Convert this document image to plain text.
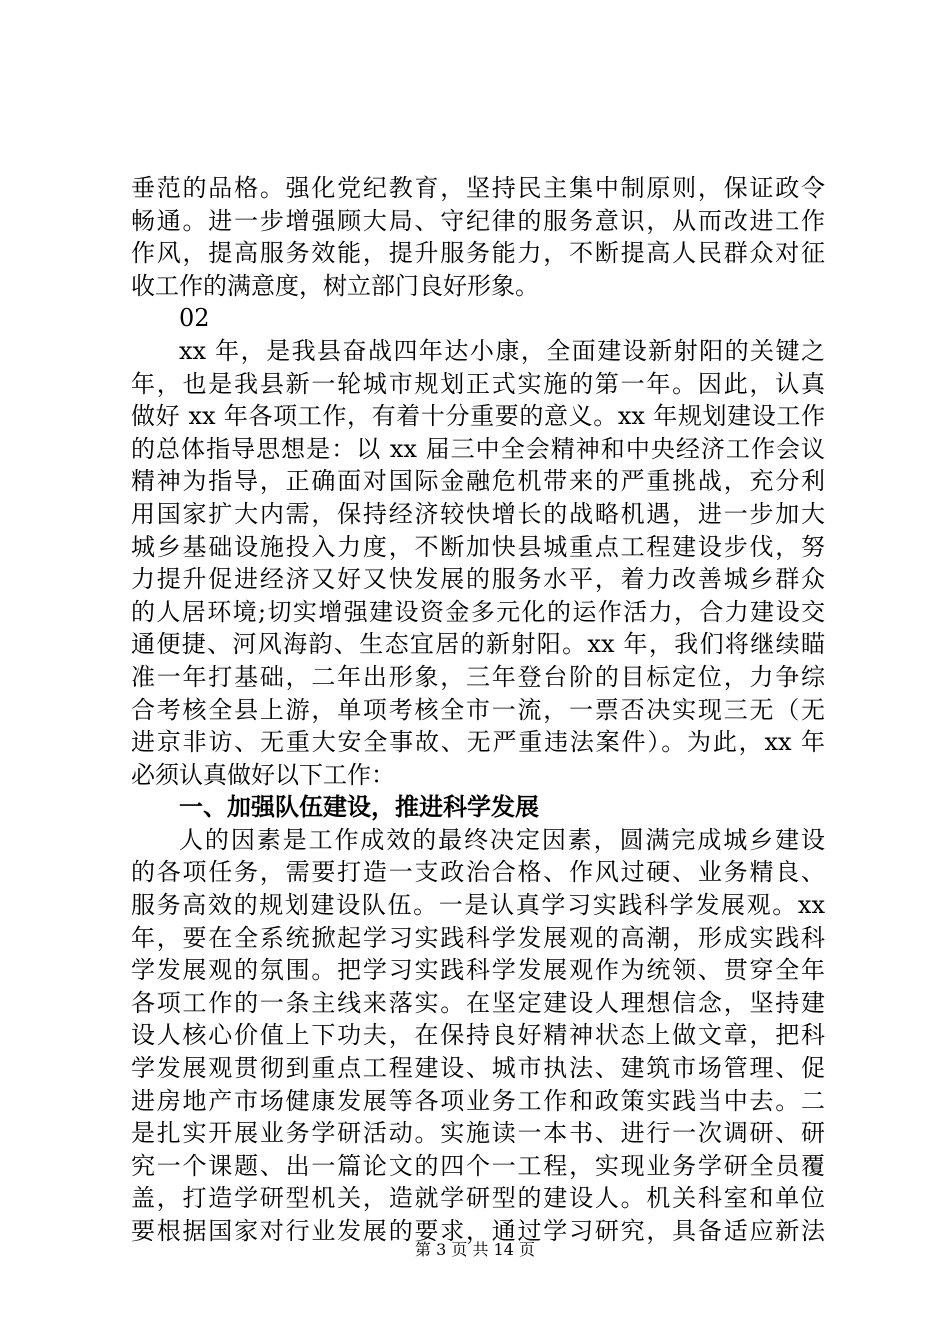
垂范的品格。强化党纪教育，坚持民主集中制原则，保证政令
畅通。进一步增强顾大局、守纪律的服务意识，从而改进工作
作风，提高服务效能，提升服务能力，不断提高人民群众对征
收工作的满意度，树立部门良好形象。
02
xx 年，是我县奋战四年达小康，全面建设新射阳的关键之
年，也是我县新一轮城市规划正式实施的第一年。因此，认真
做好 xx 年各项工作，有着十分重要的意义。xx 年规划建设工作
的总体指导思想是：以 xx 届三中全会精神和中央经济工作会议
精神为指导，正确面对国际金融危机带来的严重挑战，充分利
用国家扩大内需，保持经济较快增长的战略机遇，进一步加大
城乡基础设施投入力度，不断加快县城重点工程建设步伐，努
力提升促进经济又好又快发展的服务水平，着力改善城乡群众
的人居环境;切实增强建设资金多元化的运作活力，合力建设交
通便捷、河风海韵、生态宜居的新射阳。xx 年，我们将继续瞄
准一年打基础，二年出形象，三年登台阶的目标定位，力争综
合考核全县上游，单项考核全市一流，一票否决实现三无（无
进京非访、无重大安全事故、无严重违法案件）。为此，xx 年
必须认真做好以下工作：
一、加强队伍建设，推进科学发展
人的因素是工作成效的最终决定因素，圆满完成城乡建设
的各项任务，需要打造一支政治合格、作风过硬、业务精良、
服务高效的规划建设队伍。一是认真学习实践科学发展观。xx
年，要在全系统掀起学习实践科学发展观的高潮，形成实践科
学发展观的氛围。把学习实践科学发展观作为统领、贯穿全年
各项工作的一条主线来落实。在坚定建设人理想信念，坚持建
设人核心价值上下功夫，在保持良好精神状态上做文章，把科
学发展观贯彻到重点工程建设、城市执法、建筑市场管理、促
进房地产市场健康发展等各项业务工作和政策实践当中去。二
是扎实开展业务学研活动。实施读一本书、进行一次调研、研
究一个课题、出一篇论文的四个一工程，实现业务学研全员覆
盖，打造学研型机关，造就学研型的建设人。机关科室和单位
要根据国家对行业发展的要求，通过学习研究，具备适应新法
第 3 页 共 14 页
